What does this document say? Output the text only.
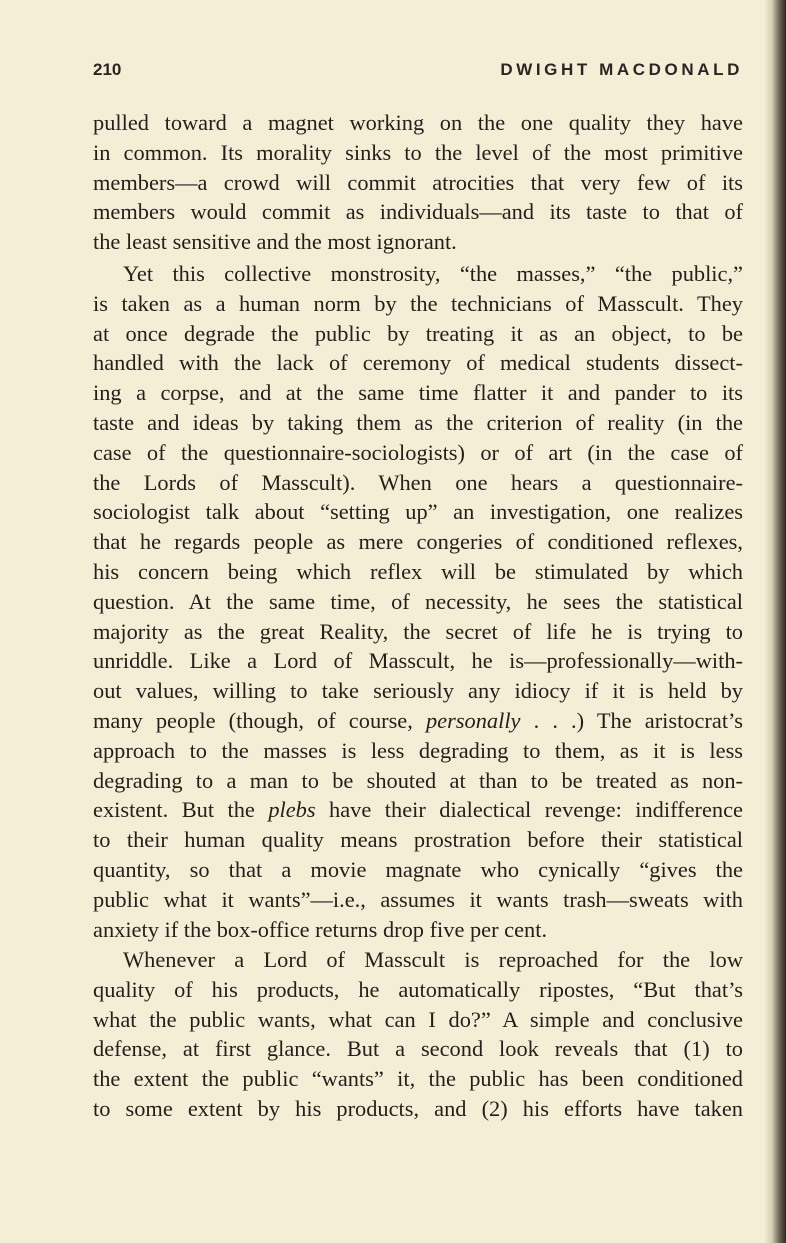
210	DWIGHT MACDONALD
pulled toward a magnet working on the one quality they have
in common. Its morality sinks to the level of the most primitive
members—a crowd will commit atrocities that very few of its
members would commit as individuals—and its taste to that of
the least sensitive and the most ignorant.
Yet this collective monstrosity, “the masses,” “the public,”
is taken as a human norm by the technicians of Masscult. They
at once degrade the public by treating it as an object, to be
handled with the lack of ceremony of medical students dissect-
ing a corpse, and at the same time flatter it and pander to its
taste and ideas by taking them as the criterion of reality (in the
case of the questionnaire-sociologists) or of art (in the case of
the Lords of Masscult). When one hears a questionnaire-
sociologist talk about “setting up” an investigation, one realizes
that he regards people as mere congeries of conditioned reflexes,
his concern being which reflex will be stimulated by which
question. At the same time, of necessity, he sees the statistical
majority as the great Reality, the secret of life he is trying to
unriddle. Like a Lord of Masscult, he is—professionally—with-
out values, willing to take seriously any idiocy if it is held by
many people (though, of course, personally . . .) The aristocrat’s
approach to the masses is less degrading to them, as it is less
degrading to a man to be shouted at than to be treated as non-
existent. But the plebs have their dialectical revenge: indifference
to their human quality means prostration before their statistical
quantity, so that a movie magnate who cynically “gives the
public what it wants”—i.e., assumes it wants trash—sweats with
anxiety if the box-office returns drop five per cent.
Whenever a Lord of Masscult is reproached for the low
quality of his products, he automatically ripostes, “But that’s
what the public wants, what can I do?” A simple and conclusive
defense, at first glance. But a second look reveals that (1) to
the extent the public “wants” it, the public has been conditioned
to some extent by his products, and (2) his efforts have taken
